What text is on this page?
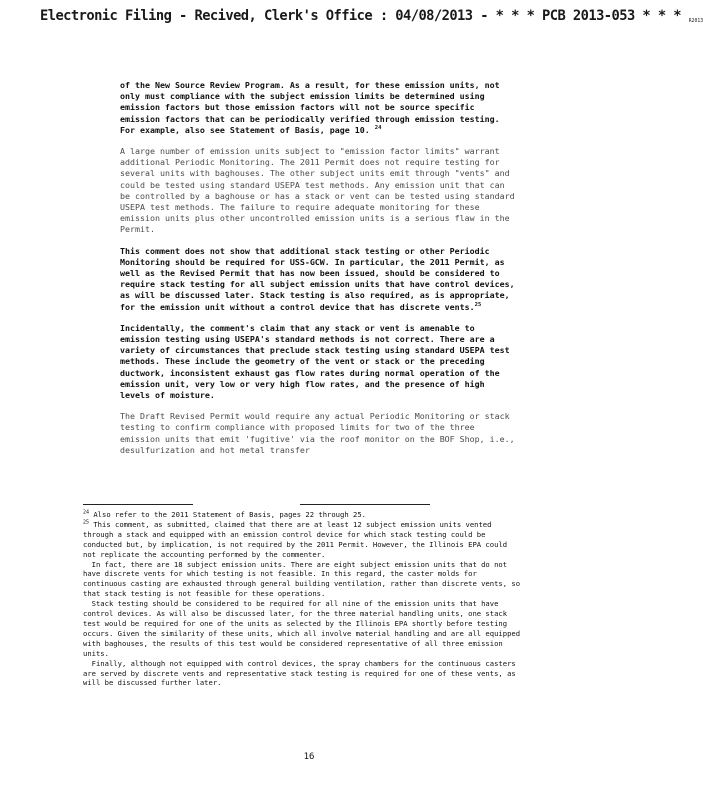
Electronic Filing - Recived, Clerk's Office : 04/08/2013 - * * * PCB 2013-053 * * * R2013

of the New Source Review Program. As a result, for these emission units, not only must compliance with the subject emission limits be determined using emission factors but those emission factors will not be source specific emission factors that can be periodically verified through emission testing. For example, also see Statement of Basis, page 10. $^{24}$

A large number of emission units subject to "emission factor limits" warrant additional Periodic Monitoring. The 2011 Permit does not require testing for several units with baghouses. The other subject units emit through "vents" and could be tested using standard USEPA test methods. Any emission unit that can be controlled by a baghouse or has a stack or vent can be tested using standard USEPA test methods. The failure to require adequate monitoring for these emission units plus other uncontrolled emission units is a serious flaw in the Permit.

This comment does not show that additional stack testing or other Periodic Monitoring should be required for USS-GCW. In particular, the 2011 Permit, as well as the Revised Permit that has now been issued, should be considered to require stack testing for all subject emission units that have control devices, as will be discussed later. Stack testing is also required, as is appropriate, for the emission unit without a control device that has discrete vents.$^{25}$

Incidentally, the comment's claim that any stack or vent is amenable to emission testing using USEPA's standard methods is not correct. There are a variety of circumstances that preclude stack testing using standard USEPA test methods. These include the geometry of the vent or stack or the preceding ductwork, inconsistent exhaust gas flow rates during normal operation of the emission unit, very low or very high flow rates, and the presence of high levels of moisture.

The Draft Revised Permit would require any actual Periodic Monitoring or stack testing to confirm compliance with proposed limits for two of the three emission units that emit 'fugitive' via the roof monitor on the BOF Shop, i.e., desulfurization and hot metal transfer

$^{24}$ Also refer to the 2011 Statement of Basis, pages 22 through 25.

$^{25}$ This comment, as submitted, claimed that there are at least 12 subject emission units vented through a stack and equipped with an emission control device for which stack testing could be conducted but, by implication, is not required by the 2011 Permit. However, the Illinois EPA could not replicate the accounting performed by the commenter.

In fact, there are 18 subject emission units. There are eight subject emission units that do not have discrete vents for which testing is not feasible. In this regard, the caster molds for continuous casting are exhausted through general building ventilation, rather than discrete vents, so that stack testing is not feasible for these operations.

Stack testing should be considered to be required for all nine of the emission units that have control devices. As will also be discussed later, for the three material handling units, one stack test would be required for one of the units as selected by the Illinois EPA shortly before testing occurs. Given the similarity of these units, which all involve material handling and are all equipped with baghouses, the results of this test would be considered representative of all three emission units.

Finally, although not equipped with control devices, the spray chambers for the continuous casters are served by discrete vents and representative stack testing is required for one of these vents, as will be discussed further later.

16
